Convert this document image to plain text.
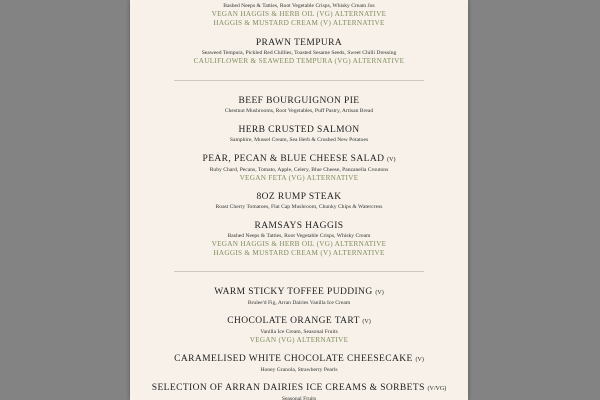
Bashed Neeps & Tatties, Root Vegetable Crisps, Whisky Cream Jus
VEGAN HAGGIS & HERB OIL (VG) ALTERNATIVE
HAGGIS & MUSTARD CREAM (V) ALTERNATIVE
PRAWN TEMPURA
Seaweed Tempura, Pickled Red Chillies, Toasted Sesame Seeds, Sweet Chilli Dressing
CAULIFLOWER & SEAWEED TEMPURA (VG) ALTERNATIVE
BEEF BOURGUIGNON PIE
Chestnut Mushrooms, Root Vegetables, Puff Pastry, Artisan Bread
HERB CRUSTED SALMON
Samphire, Mussel Cream, Sea Herb & Crushed New Potatoes
PEAR, PECAN & BLUE CHEESE SALAD (V)
Ruby Chard, Pecans, Tomato, Apple, Celery, Blue Cheese, Panzanella Croutons
VEGAN FETA (VG) ALTERNATIVE
8OZ RUMP STEAK
Roast Cherry Tomatoes, Flat Cap Mushroom, Chunky Chips & Watercress
RAMSAYS HAGGIS
Bashed Neeps & Tatties, Root Vegetable Crisps, Whisky Cream
VEGAN HAGGIS & HERB OIL (VG) ALTERNATIVE
HAGGIS & MUSTARD CREAM (V) ALTERNATIVE
WARM STICKY TOFFEE PUDDING (V)
Brulee'd Fig, Arran Dairies Vanilla Ice Cream
CHOCOLATE ORANGE TART (V)
Vanilla Ice Cream, Seasonal Fruits
VEGAN (VG) ALTERNATIVE
CARAMELISED WHITE CHOCOLATE CHEESECAKE (V)
Honey Granola, Strawberry Pearls
SELECTION OF ARRAN DAIRIES ICE CREAMS & SORBETS (V/VG)
Seasonal Fruits
